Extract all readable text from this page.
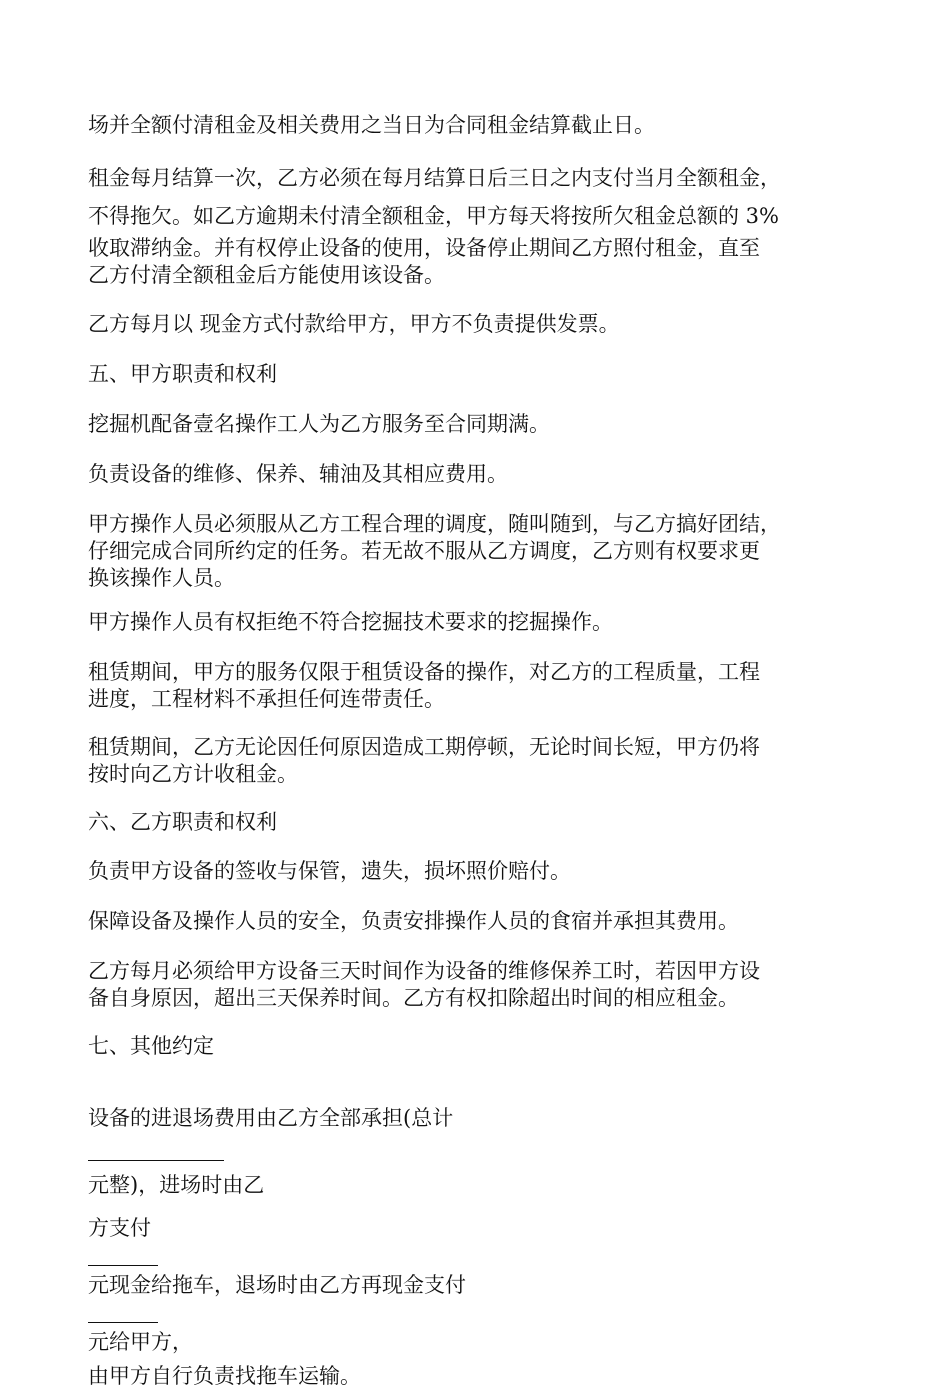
场并全额付清租金及相关费用之当日为合同租金结算截止日。

租金每月结算一次，乙方必须在每月结算日后三日之内支付当月全额租金，
不得拖欠。如乙方逾期未付清全额租金，甲方每天将按所欠租金总额的 3%
收取滞纳金。并有权停止设备的使用，设备停止期间乙方照付租金，直至
乙方付清全额租金后方能使用该设备。

乙方每月以 现金方式付款给甲方，甲方不负责提供发票。

五、甲方职责和权利

挖掘机配备壹名操作工人为乙方服务至合同期满。

负责设备的维修、保养、辅油及其相应费用。

甲方操作人员必须服从乙方工程合理的调度，随叫随到，与乙方搞好团结，
仔细完成合同所约定的任务。若无故不服从乙方调度，乙方则有权要求更
换该操作人员。

甲方操作人员有权拒绝不符合挖掘技术要求的挖掘操作。

租赁期间，甲方的服务仅限于租赁设备的操作，对乙方的工程质量，工程
进度，工程材料不承担任何连带责任。

租赁期间，乙方无论因任何原因造成工期停顿，无论时间长短，甲方仍将
按时向乙方计收租金。

六、乙方职责和权利

负责甲方设备的签收与保管，遗失，损坏照价赔付。

保障设备及操作人员的安全，负责安排操作人员的食宿并承担其费用。

乙方每月必须给甲方设备三天时间作为设备的维修保养工时，若因甲方设
备自身原因，超出三天保养时间。乙方有权扣除超出时间的相应租金。

七、其他约定

设备的进退场费用由乙方全部承担(总计
元整)，进场时由乙
方支付
元现金给拖车，退场时由乙方再现金支付
元给甲方，
由甲方自行负责找拖车运输。
